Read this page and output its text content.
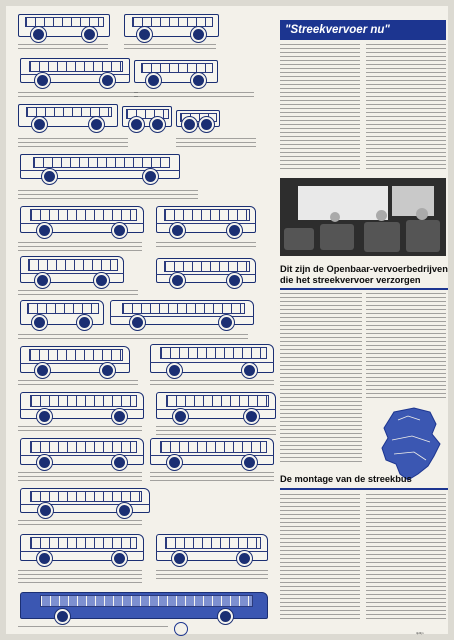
"Streekvervoer nu"
Dit zijn de Openbaar-vervoerbedrijven die het streekvervoer verzorgen
De montage van de streekbus
tijdlijn
